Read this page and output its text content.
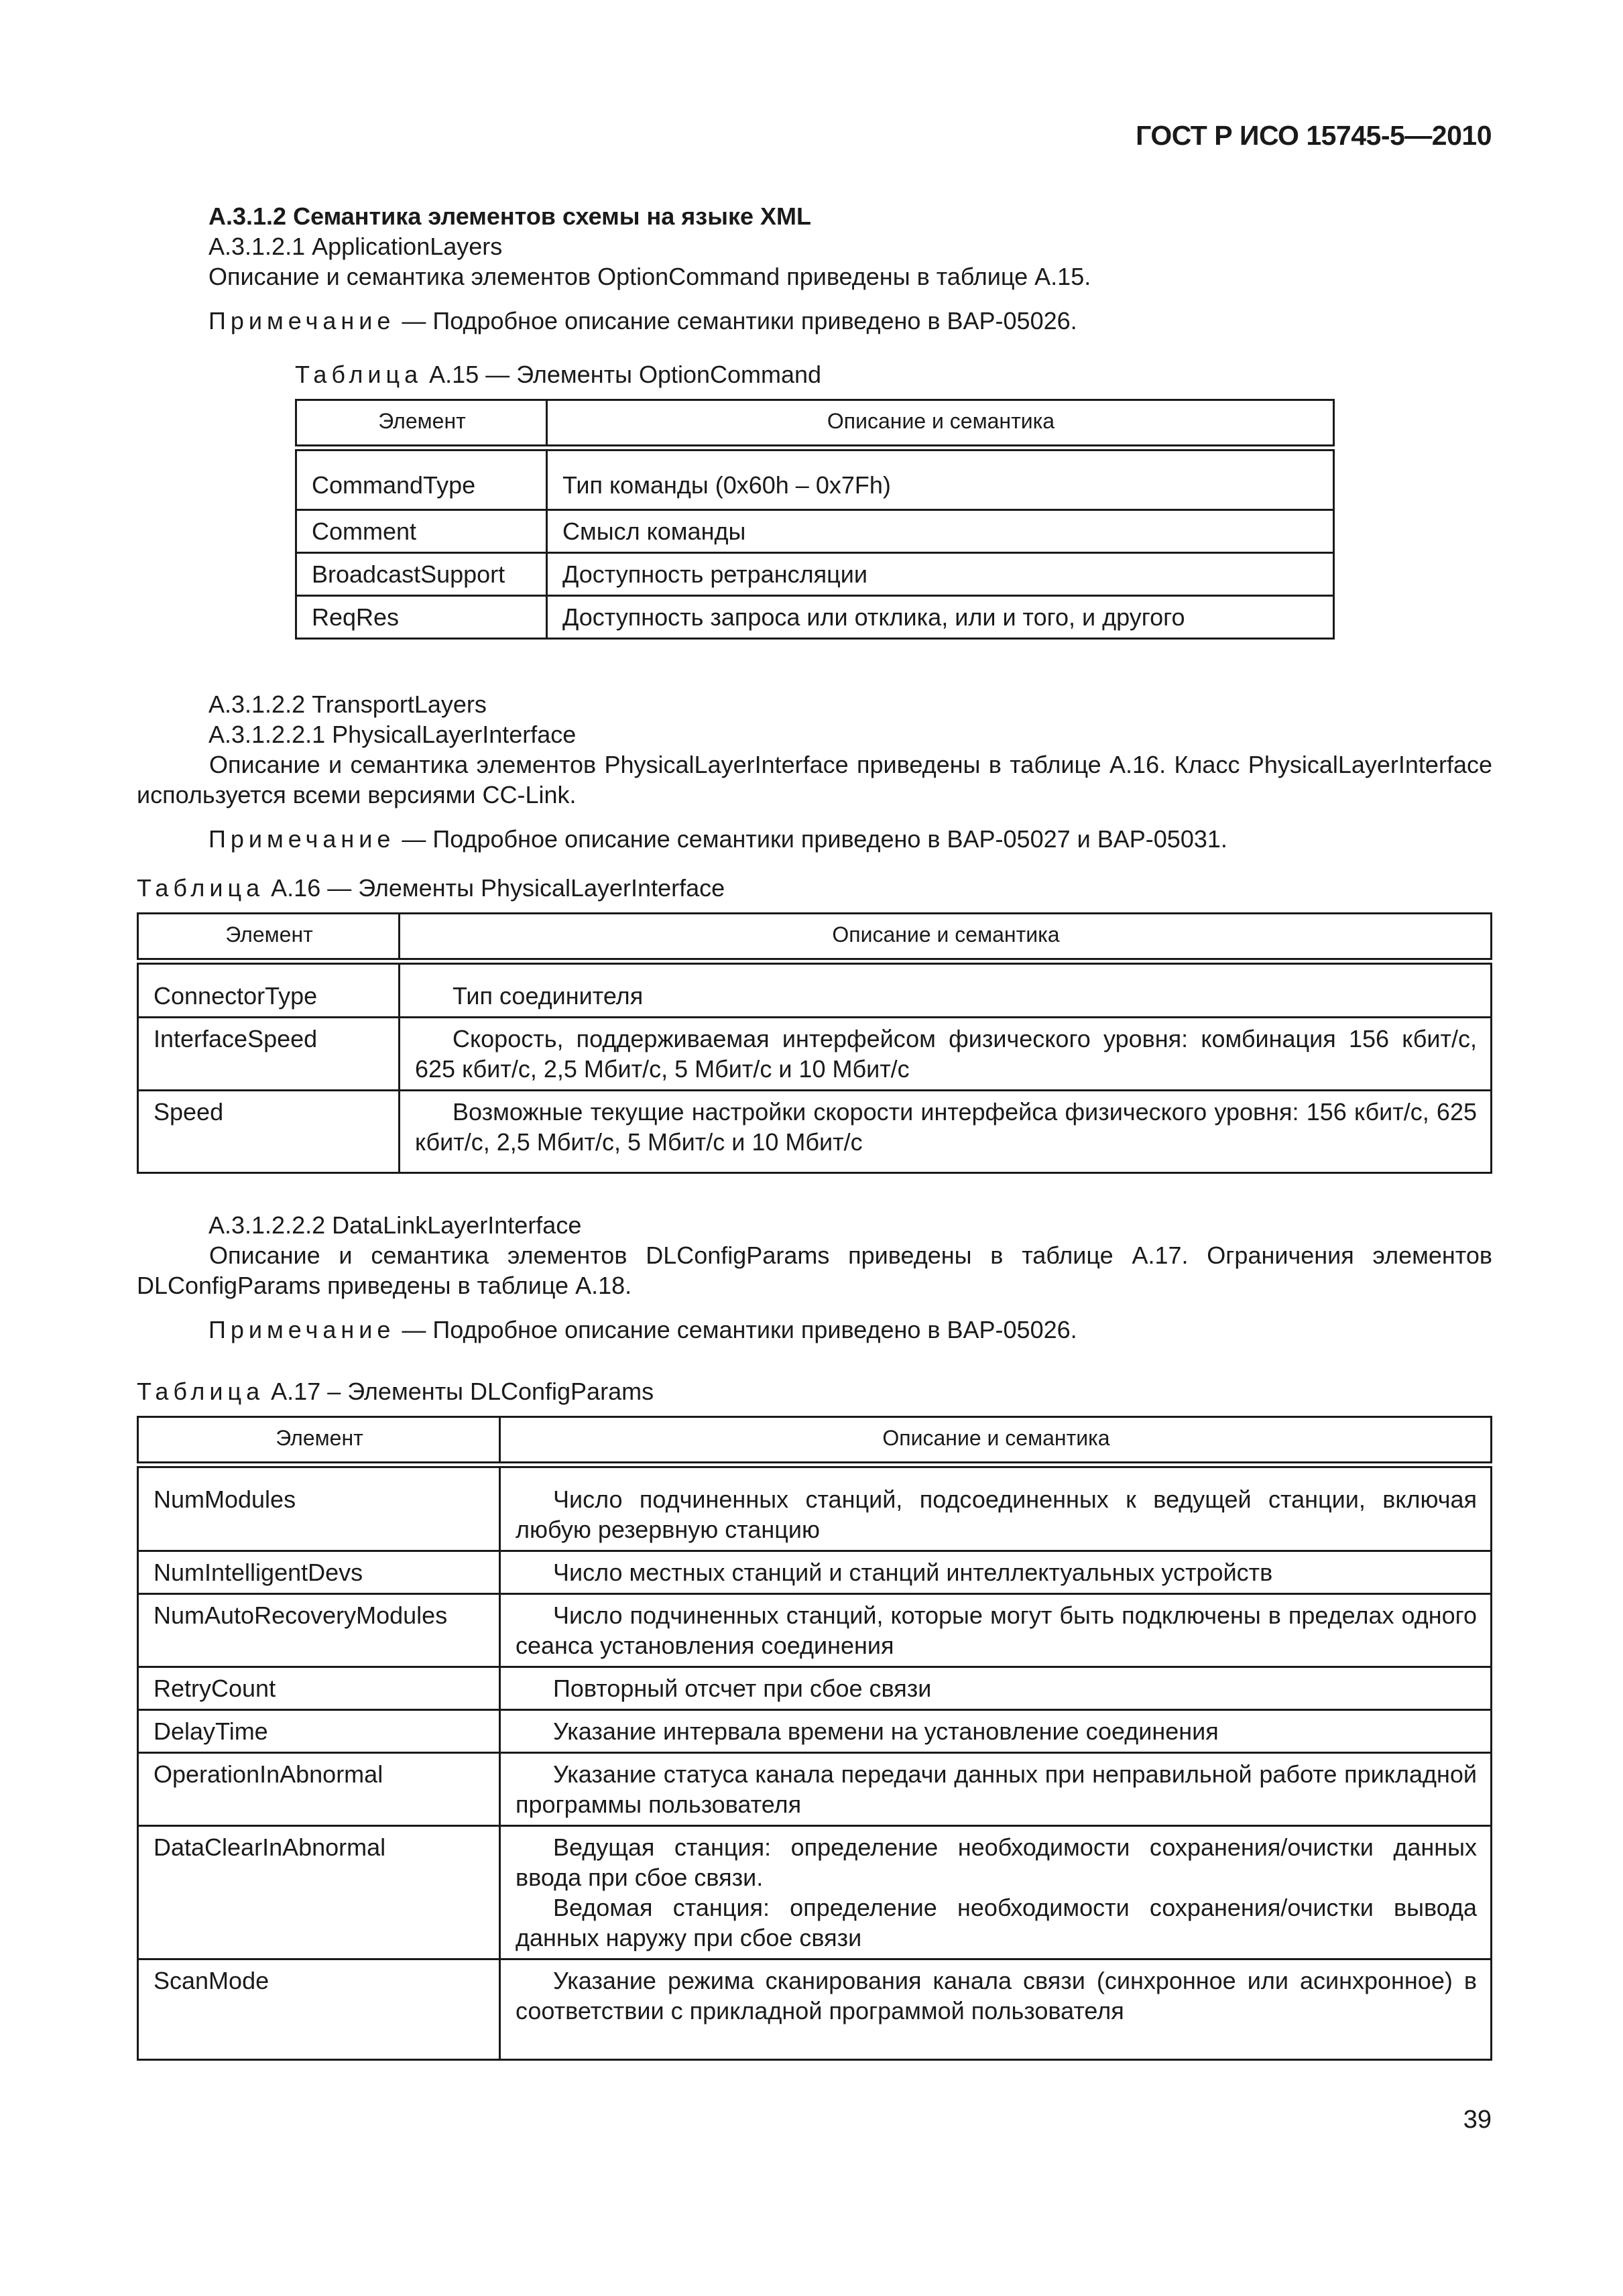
ГОСТ Р ИСО 15745-5—2010
А.3.1.2 Семантика элементов схемы на языке XML
А.3.1.2.1 ApplicationLayers
Описание и семантика элементов OptionCommand приведены в таблице А.15.
Примечание — Подробное описание семантики приведено в BAP-05026.
Таблица А.15 — Элементы OptionCommand
Элемент	Описание и семантика
CommandType	Тип команды (0x60h – 0x7Fh)
Comment	Смысл команды
BroadcastSupport	Доступность ретрансляции
ReqRes	Доступность запроса или отклика, или и того, и другого
А.3.1.2.2 TransportLayers
А.3.1.2.2.1 PhysicalLayerInterface
Описание и семантика элементов PhysicalLayerInterface приведены в таблице А.16. Класс PhysicalLayerInterface используется всеми версиями CC-Link.
Примечание — Подробное описание семантики приведено в BAP-05027 и BAP-05031.
Таблица А.16 — Элементы PhysicalLayerInterface
Элемент	Описание и семантика
ConnectorType	Тип соединителя

InterfaceSpeed	Скорость, поддерживаемая интерфейсом физического уровня: комбинация 156 кбит/с, 625 кбит/с, 2,5 Мбит/с, 5 Мбит/с и 10 Мбит/с

Speed	Возможные текущие настройки скорости интерфейса физического уровня: 156 кбит/с, 625 кбит/с, 2,5 Мбит/с, 5 Мбит/с и 10 Мбит/с
А.3.1.2.2.2 DataLinkLayerInterface
Описание и семантика элементов DLConfigParams приведены в таблице А.17. Ограничения элементов DLConfigParams приведены в таблице А.18.
Примечание — Подробное описание семантики приведено в BAP-05026.
Таблица А.17 – Элементы DLConfigParams
Элемент	Описание и семантика
NumModules	Число подчиненных станций, подсоединенных к ведущей станции, включая любую резервную станцию

NumIntelligentDevs	Число местных станций и станций интеллектуальных устройств

NumAutoRecoveryModules	Число подчиненных станций, которые могут быть подключены в пределах одного сеанса установления соединения

RetryCount	Повторный отсчет при сбое связи

DelayTime	Указание интервала времени на установление соединения

OperationInAbnormal	Указание статуса канала передачи данных при неправильной работе прикладной программы пользователя

DataClearInAbnormal	Ведущая станция: определение необходимости сохранения/очистки данных ввода при сбое связи.
Ведомая станция: определение необходимости сохранения/очистки вывода данных наружу при сбое связи

ScanMode	Указание режима сканирования канала связи (синхронное или асинхронное) в соответствии с прикладной программой пользователя
39
